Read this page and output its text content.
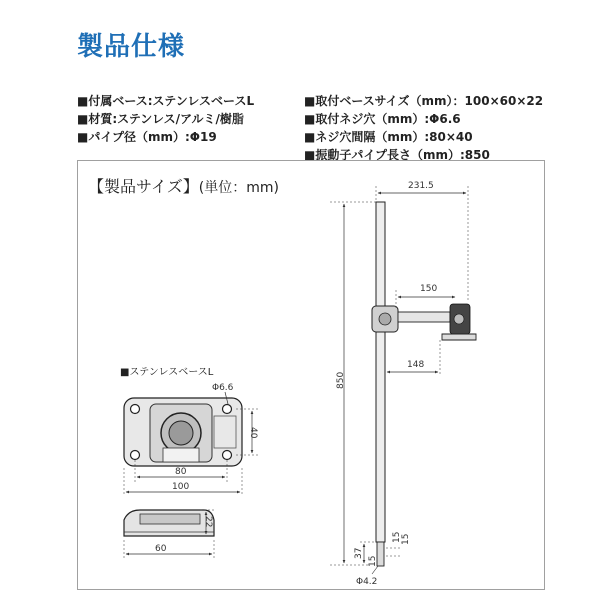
製品仕様
■付属ベース:ステンレスベースL
■材質:ステンレス/アルミ/樹脂
■パイプ径（mm）:Φ19
■取付ベースサイズ（mm）：100×60×22
■取付ネジ穴（mm）:Φ6.6
■ネジ穴間隔（mm）:80×40
■振動子パイプ長さ（mm）:850
【製品サイズ】(単位：mm)
■ステンレスベースL
Φ6.6
40
80
100
22
60
231.5
850
150
148
37
15 15
15
Φ4.2
